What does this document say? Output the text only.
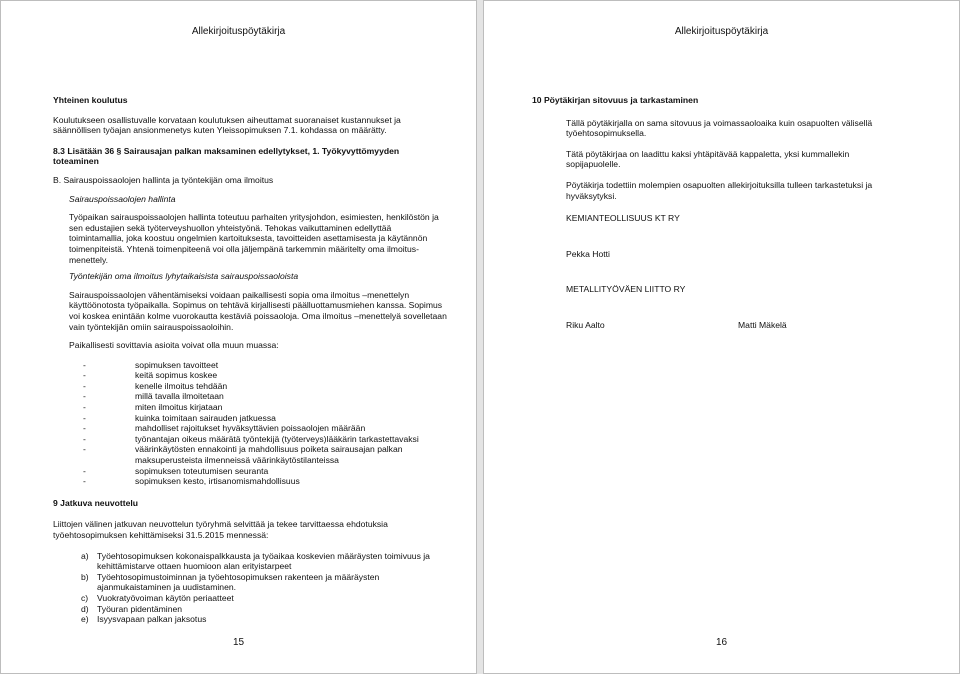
Allekirjoituspöytäkirja

Yhteinen koulutus

Koulutukseen osallistuvalle korvataan koulutuksen aiheuttamat suoranaiset kustannukset ja säännöllisen työajan ansionmenetys kuten Yleissopimuksen 7.1. kohdassa on määrätty.

8.3 Lisätään 36 § Sairausajan palkan maksaminen edellytykset, 1. Työkyvyttömyyden toteaminen

B. Sairauspoissaolojen hallinta ja työntekijän oma ilmoitus

Sairauspoissaolojen hallinta

Työpaikan sairauspoissaolojen hallinta toteutuu parhaiten yritysjohdon, esimiesten, henkilöstön ja sen edustajien sekä työterveyshuollon yhteistyönä. Tehokas vaikuttaminen edellyttää toimintamallia, joka koostuu ongelmien kartoituksesta, tavoitteiden asettamisesta ja käytännön toimenpiteistä. Yhtenä toimenpiteenä voi olla jäljempänä tarkemmin määritelty oma ilmoitus-menettely.

Työntekijän oma ilmoitus lyhytaikaisista sairauspoissaoloista

Sairauspoissaolojen vähentämiseksi voidaan paikallisesti sopia oma ilmoitus –menettelyn käyttöönotosta työpaikalla. Sopimus on tehtävä kirjallisesti päälluottamusmiehen kanssa. Sopimus voi koskea enintään kolme vuorokautta kestäviä poissaoloja. Oma ilmoitus –menettelyä sovelletaan vain työntekijän omiin sairauspoissaoloihin.

Paikallisesti sovittavia asioita voivat olla muun muassa:

-	sopimuksen tavoitteet
-	keitä sopimus koskee
-	kenelle ilmoitus tehdään
-	millä tavalla ilmoitetaan
-	miten ilmoitus kirjataan
-	kuinka toimitaan sairauden jatkuessa
-	mahdolliset rajoitukset hyväksyttävien poissaolojen määrään
-	työnantajan oikeus määrätä työntekijä (työterveys)lääkärin tarkastettavaksi
-	väärinkäytösten ennakointi ja mahdollisuus poiketa sairausajan palkan maksuperusteista ilmenneissä väärinkäytöstilanteissa
-	sopimuksen toteutumisen seuranta
-	sopimuksen kesto, irtisanomismahdollisuus

9 Jatkuva neuvottelu

Liittojen välinen jatkuvan neuvottelun työryhmä selvittää ja tekee tarvittaessa ehdotuksia työehtosopimuksen kehittämiseksi 31.5.2015 mennessä:

a) Työehtosopimuksen kokonaispalkkausta ja työaikaa koskevien määräysten toimivuus ja kehittämistarve ottaen huomioon alan erityistarpeet
b) Työehtosopimustoiminnan ja työehtosopimuksen rakenteen ja määräysten ajanmukaistaminen ja uudistaminen.
c)	Vuokratyövoiman käytön periaatteet
d) Työuran pidentäminen
e) Isyysvapaan palkan jaksotus
15
Allekirjoituspöytäkirja

10 Pöytäkirjan sitovuus ja tarkastaminen

Tällä pöytäkirjalla on sama sitovuus ja voimassaoloaika kuin osapuolten välisellä työehtosopimuksella.

Tätä pöytäkirjaa on laadittu kaksi yhtäpitävää kappaletta, yksi kummallekin sopijapuolelle.

Pöytäkirja todettiin molempien osapuolten allekirjoituksilla tulleen tarkastetuksi ja hyväksytyksi.

KEMIANTEOLLISUUS KT RY

Pekka Hotti

METALLITYÖVÄEN LIITTO RY

Riku Aalto	Matti Mäkelä
16
